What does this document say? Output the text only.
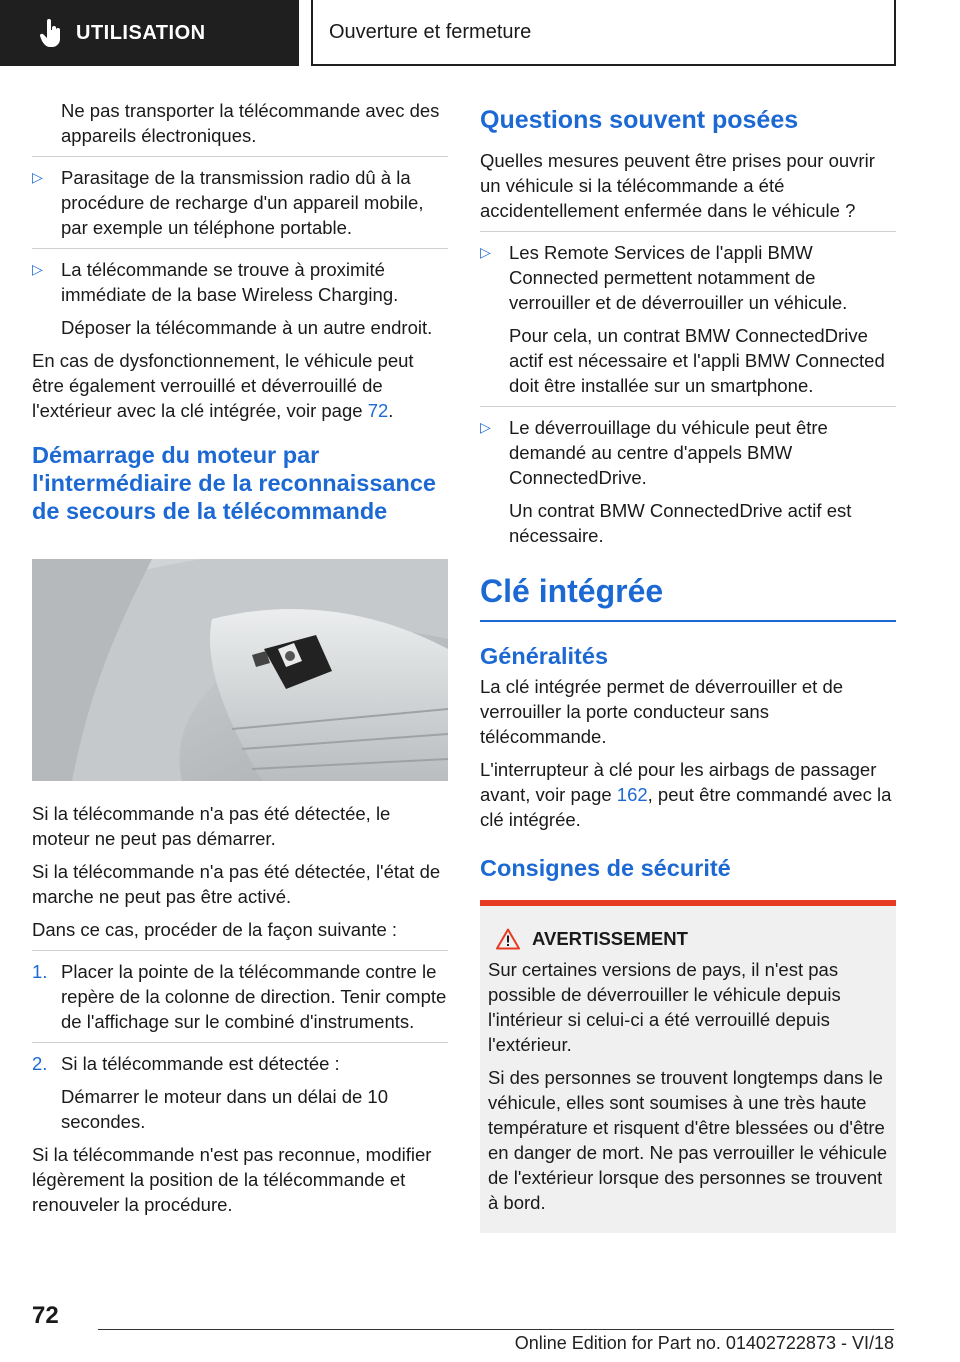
UTILISATION	Ouverture et fermeture

Ne pas transporter la télécommande avec des appareils électroniques.

▷ Parasitage de la transmission radio dû à la procédure de recharge d'un appareil mobile, par exemple un téléphone portable.
▷ La télécommande se trouve à proximité immédiate de la base Wireless Charging.
Déposer la télécommande à un autre endroit.

En cas de dysfonctionnement, le véhicule peut être également verrouillé et déverrouillé de l'extérieur avec la clé intégrée, voir page 72.

Démarrage du moteur par l'intermédiaire de la reconnaissance de secours de la télécommande

Si la télécommande n'a pas été détectée, le moteur ne peut pas démarrer.

Si la télécommande n'a pas été détectée, l'état de marche ne peut pas être activé.

Dans ce cas, procéder de la façon suivante :

1. Placer la pointe de la télécommande contre le repère de la colonne de direction. Tenir compte de l'affichage sur le combiné d'instruments.
2. Si la télécommande est détectée :
Démarrer le moteur dans un délai de 10 secondes.

Si la télécommande n'est pas reconnue, modifier légèrement la position de la télécommande et renouveler la procédure.

Questions souvent posées

Quelles mesures peuvent être prises pour ouvrir un véhicule si la télécommande a été accidentellement enfermée dans le véhicule ?

▷ Les Remote Services de l'appli BMW Connected permettent notamment de verrouiller et de déverrouiller un véhicule.
Pour cela, un contrat BMW ConnectedDrive actif est nécessaire et l'appli BMW Connected doit être installée sur un smartphone.
▷ Le déverrouillage du véhicule peut être demandé au centre d'appels BMW ConnectedDrive.
Un contrat BMW ConnectedDrive actif est nécessaire.
Clé intégrée
Généralités

La clé intégrée permet de déverrouiller et de verrouiller la porte conducteur sans télécommande.

L'interrupteur à clé pour les airbags de passager avant, voir page 162, peut être commandé avec la clé intégrée.

Consignes de sécurité
AVERTISSEMENT

Sur certaines versions de pays, il n'est pas possible de déverrouiller le véhicule depuis l'intérieur si celui-ci a été verrouillé depuis l'extérieur.

Si des personnes se trouvent longtemps dans le véhicule, elles sont soumises à une très haute température et risquent d'être blessées ou d'être en danger de mort. Ne pas verrouiller le véhicule de l'extérieur lorsque des personnes se trouvent à bord.

72
Online Edition for Part no. 01402722873 - VI/18
